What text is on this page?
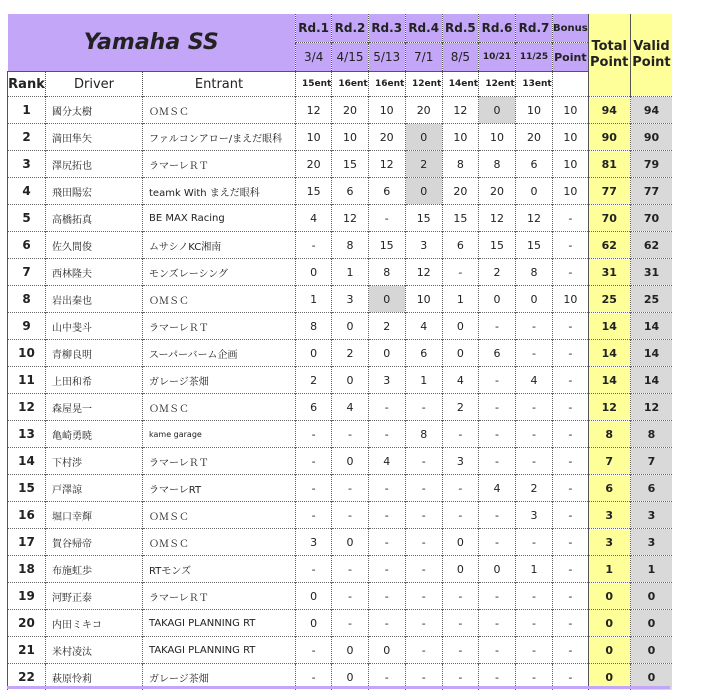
Yamaha SS			Rd.1	Rd.2	Rd.3	Rd.4	Rd.5	Rd.6	Rd.7	Bonus	Total
Point	Valid
Point
			3/4	4/15	5/13	7/1	8/5	10/21	11/25	Point		
Rank	Driver	Entrant	15ent	16ent	16ent	12ent	14ent	12ent	13ent			
1	國分太樹	ＯＭＳＣ	12	20	10	20	12	0	10	10	94	94
2	満田隼矢	ファルコンアロー/まえだ眼科	10	10	20	0	10	10	20	10	90	90
3	澤尻拓也	ラマーレＲＴ	20	15	12	2	8	8	6	10	81	79
4	飛田陽宏	teamk With まえだ眼科	15	6	6	0	20	20	0	10	77	77
5	高橋拓真	BE MAX Racing	4	12	-	15	15	12	12	-	70	70
6	佐久間俊	ムサシノKC湘南	-	8	15	3	6	15	15	-	62	62
7	西林隆夫	モンズレーシング	0	1	8	12	-	2	8	-	31	31
8	岩出秦也	ＯＭＳＣ	1	3	0	10	1	0	0	10	25	25
9	山中斐斗	ラマーレＲＴ	8	0	2	4	0	-	-	-	14	14
10	青柳良明	スーパーバーム企画	0	2	0	6	0	6	-	-	14	14
11	上田和希	ガレージ茶畑	2	0	3	1	4	-	4	-	14	14
12	森屋晃一	ＯＭＳＣ	6	4	-	-	2	-	-	-	12	12
13	亀崎勇暁	kame garage	-	-	-	8	-	-	-	-	8	8
14	下村渉	ラマーレＲＴ	-	0	4	-	3	-	-	-	7	7
15	戸澤諒	ラマーレRT	-	-	-	-	-	4	2	-	6	6
16	堀口幸輝	ＯＭＳＣ	-	-	-	-	-	-	3	-	3	3
17	賀谷帰帝	ＯＭＳＣ	3	0	-	-	0	-	-	-	3	3
18	布施虹歩	RTモンズ	-	-	-	-	0	0	1	-	1	1
19	河野正泰	ラマーレＲＴ	0	-	-	-	-	-	-	-	0	0
20	内田ミキコ	TAKAGI PLANNING RT	0	-	-	-	-	-	-	-	0	0
21	米村凌汰	TAKAGI PLANNING RT	-	0	0	-	-	-	-	-	0	0
22	萩原怜莉	ガレージ茶畑	-	0	-	-	-	-	-	-	0	0
